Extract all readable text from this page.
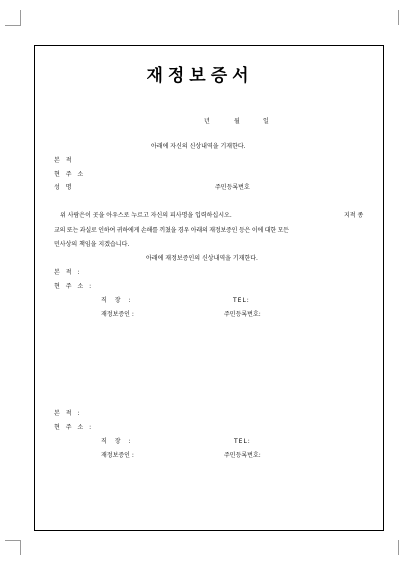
재정보증서
년	월	일
아래에 자신의 신상내역을 기재한다.
본 적
현 주 소
성 명	주민등록번호
위 사람은이 곳을 아우스로 누르고 자신의 피사명을 입력하십시오.	지적 종
교의 또는 과실로 인하여 귀하에게 손해를 끼쳤을 경우 아래의 재정보증인 등은 이에 대한 모든
민사상의 책임을 지겠습니다.
아래에 재정보증인의 신상내역을 기재한다.
본 적 :
현 주 소 :
직 장 :	TEL:
재정보증인 :	주민등록번호:
본 적 :
현 주 소 :
직 장 :	TEL:
재정보증인 :	주민등록번호:
